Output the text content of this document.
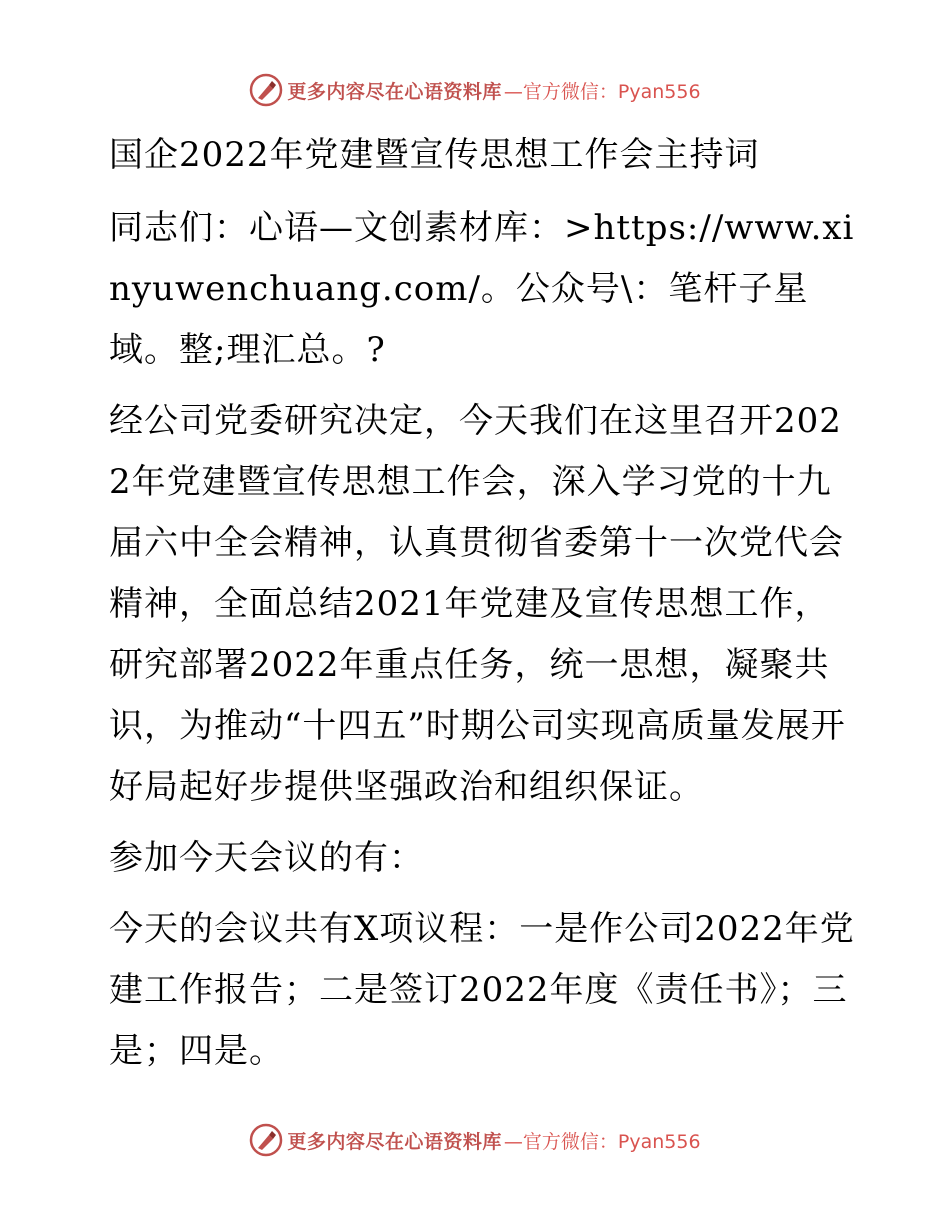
更多内容尽在心语资料库 —官方微信：Pyan556

国企2022年党建暨宣传思想工作会主持词

同志们：心语—文创素材库：>https://www.xinyuwenchuang.com/。公众号\：笔杆子星域。整;理汇总。?

经公司党委研究决定，今天我们在这里召开2022年党建暨宣传思想工作会，深入学习党的十九届六中全会精神，认真贯彻省委第十一次党代会精神，全面总结2021年党建及宣传思想工作，研究部署2022年重点任务，统一思想，凝聚共识，为推动“十四五”时期公司实现高质量发展开好局起好步提供坚强政治和组织保证。

参加今天会议的有：

今天的会议共有X项议程：一是作公司2022年党建工作报告；二是签订2022年度《责任书》；三是；四是。

更多内容尽在心语资料库 —官方微信：Pyan556
